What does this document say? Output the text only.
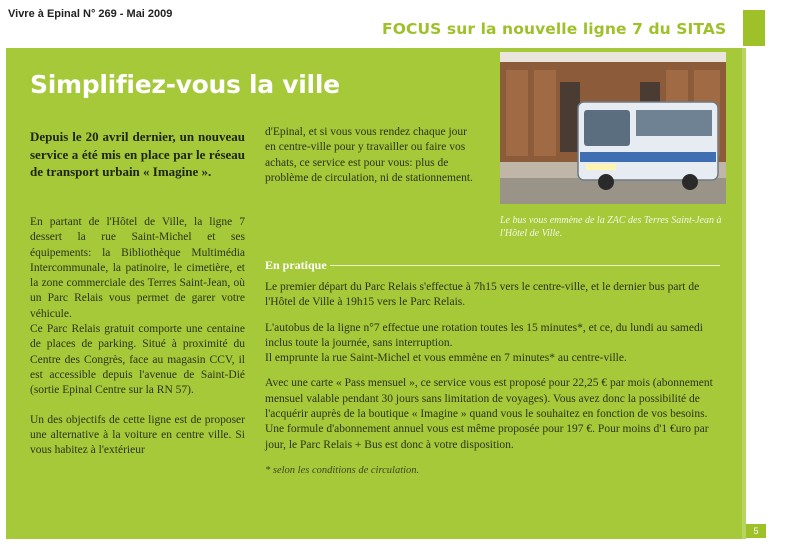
Vivre à Epinal N° 269 - Mai 2009
FOCUS sur la nouvelle ligne 7 du SITAS
Simplifiez-vous la ville
Depuis le 20 avril dernier, un nouveau service a été mis en place par le réseau de transport urbain « Imagine ».

En partant de l'Hôtel de Ville, la ligne 7 dessert la rue Saint-Michel et ses équipements: la Bibliothèque Multimédia Intercommunale, la patinoire, le cimetière, et la zone commerciale des Terres Saint-Jean, où un Parc Relais vous permet de garer votre véhicule.

Ce Parc Relais gratuit comporte une centaine de places de parking. Situé à proximité du Centre des Congrès, face au magasin CCV, il est accessible depuis l'avenue de Saint-Dié (sortie Epinal Centre sur la RN 57).

Un des objectifs de cette ligne est de proposer une alternative à la voiture en centre ville. Si vous habitez à l'extérieur

d'Epinal, et si vous vous rendez chaque jour en centre-ville pour y travailler ou faire vos achats, ce service est pour vous: plus de problème de circulation, ni de stationnement.
Le bus vous emmène de la ZAC des Terres Saint-Jean à l'Hôtel de Ville.
En pratique

Le premier départ du Parc Relais s'effectue à 7h15 vers le centre-ville, et le dernier bus part de l'Hôtel de Ville à 19h15 vers le Parc Relais.

L'autobus de la ligne n°7 effectue une rotation toutes les 15 minutes*, et ce, du lundi au samedi inclus toute la journée, sans interruption.
Il emprunte la rue Saint-Michel et vous emmène en 7 minutes* au centre-ville.

Avec une carte « Pass mensuel », ce service vous est proposé pour 22,25 € par mois (abonnement mensuel valable pendant 30 jours sans limitation de voyages). Vous avez donc la possibilité de l'acquérir auprès de la boutique « Imagine » quand vous le souhaitez en fonction de vos besoins.
Une formule d'abonnement annuel vous est même proposée pour 197 €. Pour moins d'1 €uro par jour, le Parc Relais + Bus est donc à votre disposition.

* selon les conditions de circulation.

5
